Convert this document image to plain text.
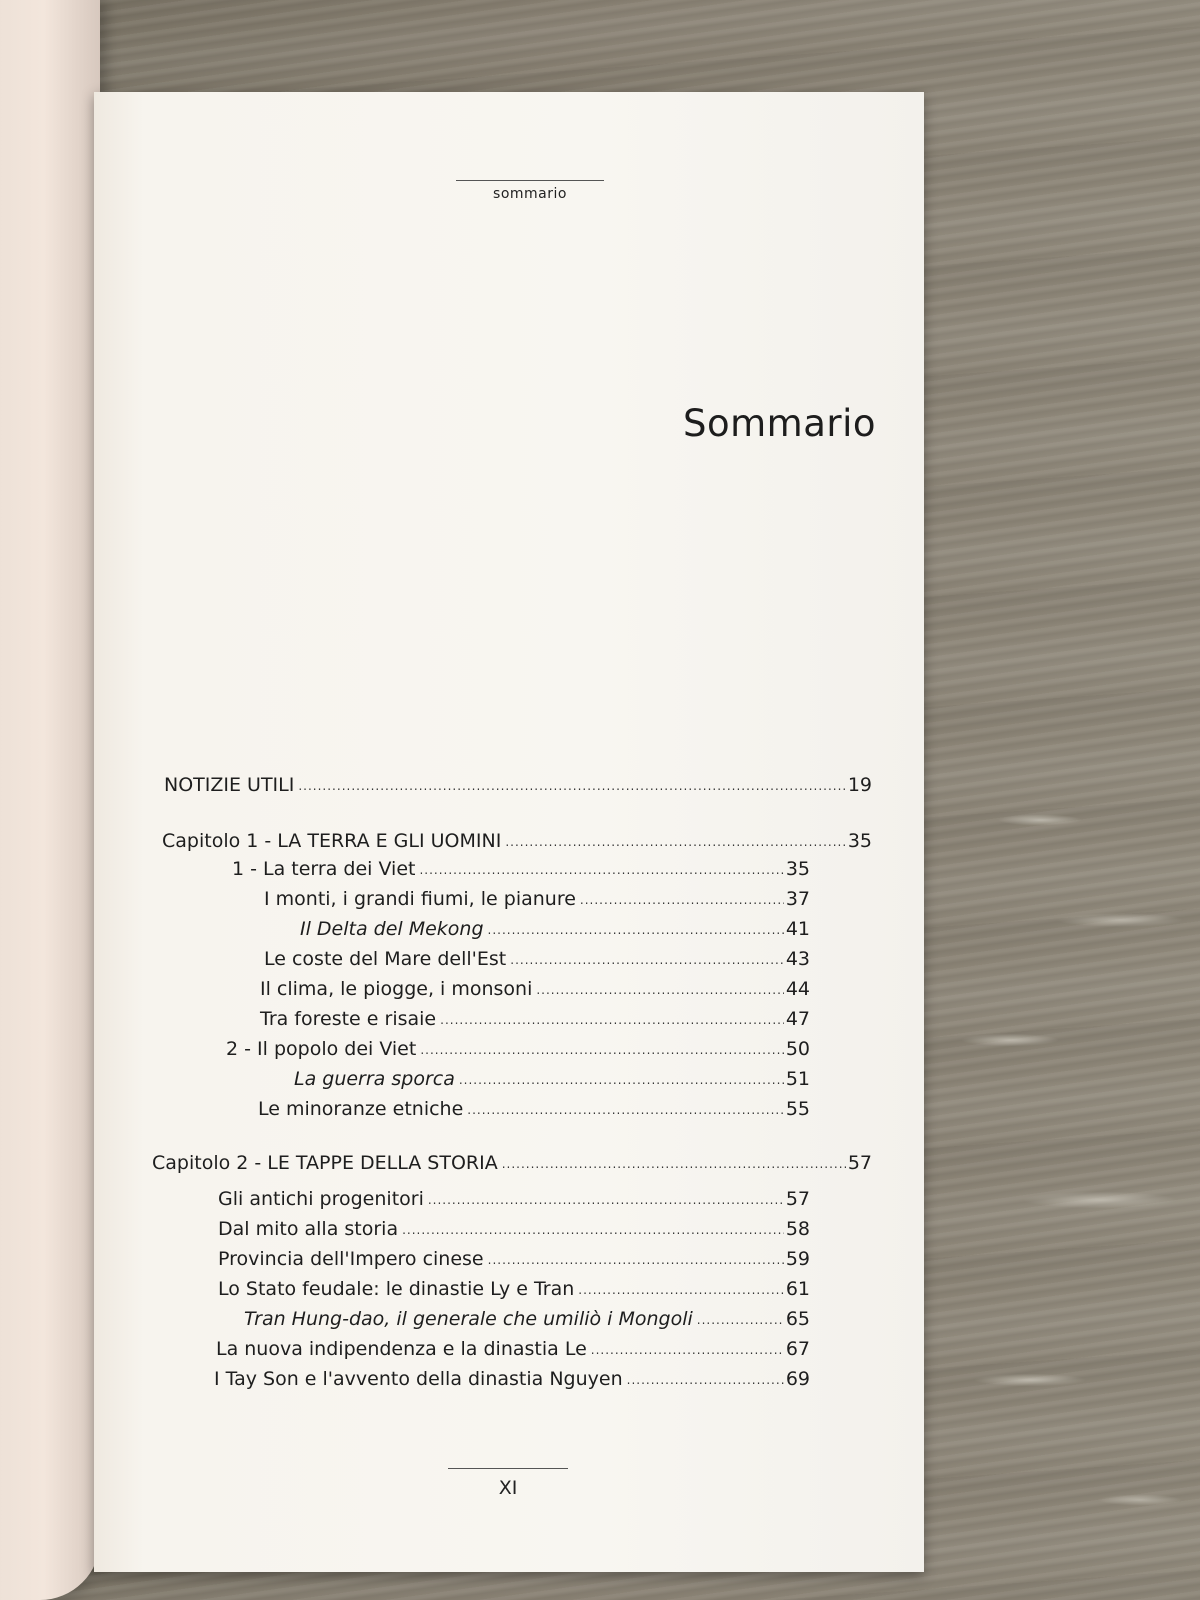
sommario
Sommario
NOTIZIE UTILI .....	19
Capitolo 1 - LA TERRA E GLI UOMINI .....	35
1 - La terra dei Viet .....	35
I monti, i grandi fiumi, le pianure .....	37
Il Delta del Mekong .....	41
Le coste del Mare dell'Est .....	43
Il clima, le piogge, i monsoni .....	44
Tra foreste e risaie .....	47
2 - Il popolo dei Viet .....	50
La guerra sporca .....	51
Le minoranze etniche .....	55
Capitolo 2 - LE TAPPE DELLA STORIA .....	57
Gli antichi progenitori .....	57
Dal mito alla storia .....	58
Provincia dell'Impero cinese .....	59
Lo Stato feudale: le dinastie Ly e Tran .....	61
Tran Hung-dao, il generale che umiliò i Mongoli .....	65
La nuova indipendenza e la dinastia Le .....	67
I Tay Son e l'avvento della dinastia Nguyen .....	69
XI
